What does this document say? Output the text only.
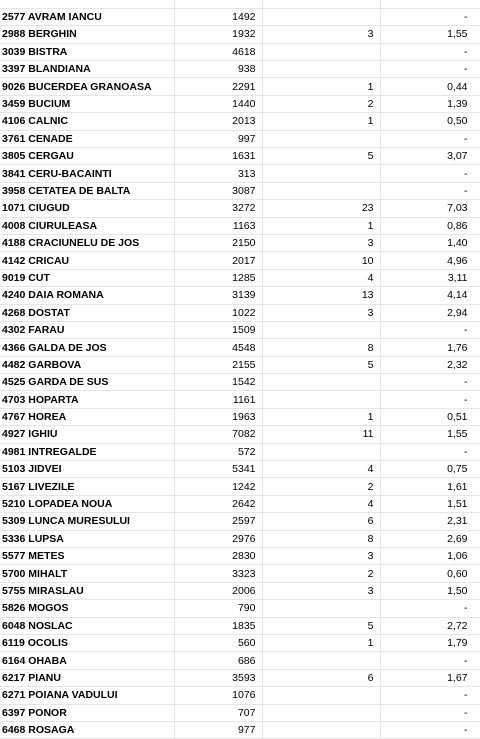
2577 AVRAM IANCU	1492		-
2988 BERGHIN	1932	3	1,55
3039 BISTRA	4618		-
3397 BLANDIANA	938		-
9026 BUCERDEA GRANOASA	2291	1	0,44
3459 BUCIUM	1440	2	1,39
4106 CALNIC	2013	1	0,50
3761 CENADE	997		-
3805 CERGAU	1631	5	3,07
3841 CERU-BACAINTI	313		-
3958 CETATEA DE BALTA	3087		-
1071 CIUGUD	3272	23	7,03
4008 CIURULEASA	1163	1	0,86
4188 CRACIUNELU DE JOS	2150	3	1,40
4142 CRICAU	2017	10	4,96
9019 CUT	1285	4	3,11
4240 DAIA ROMANA	3139	13	4,14
4268 DOSTAT	1022	3	2,94
4302 FARAU	1509		-
4366 GALDA DE JOS	4548	8	1,76
4482 GARBOVA	2155	5	2,32
4525 GARDA DE SUS	1542		-
4703 HOPARTA	1161		-
4767 HOREA	1963	1	0,51
4927 IGHIU	7082	11	1,55
4981 INTREGALDE	572		-
5103 JIDVEI	5341	4	0,75
5167 LIVEZILE	1242	2	1,61
5210 LOPADEA NOUA	2642	4	1,51
5309 LUNCA MURESULUI	2597	6	2,31
5336 LUPSA	2976	8	2,69
5577 METES	2830	3	1,06
5700 MIHALT	3323	2	0,60
5755 MIRASLAU	2006	3	1,50
5826 MOGOS	790		-
6048 NOSLAC	1835	5	2,72
6119 OCOLIS	560	1	1,79
6164 OHABA	686		-
6217 PIANU	3593	6	1,67
6271 POIANA VADULUI	1076		-
6397 PONOR	707		-
6468 ROSAGA	977		-
